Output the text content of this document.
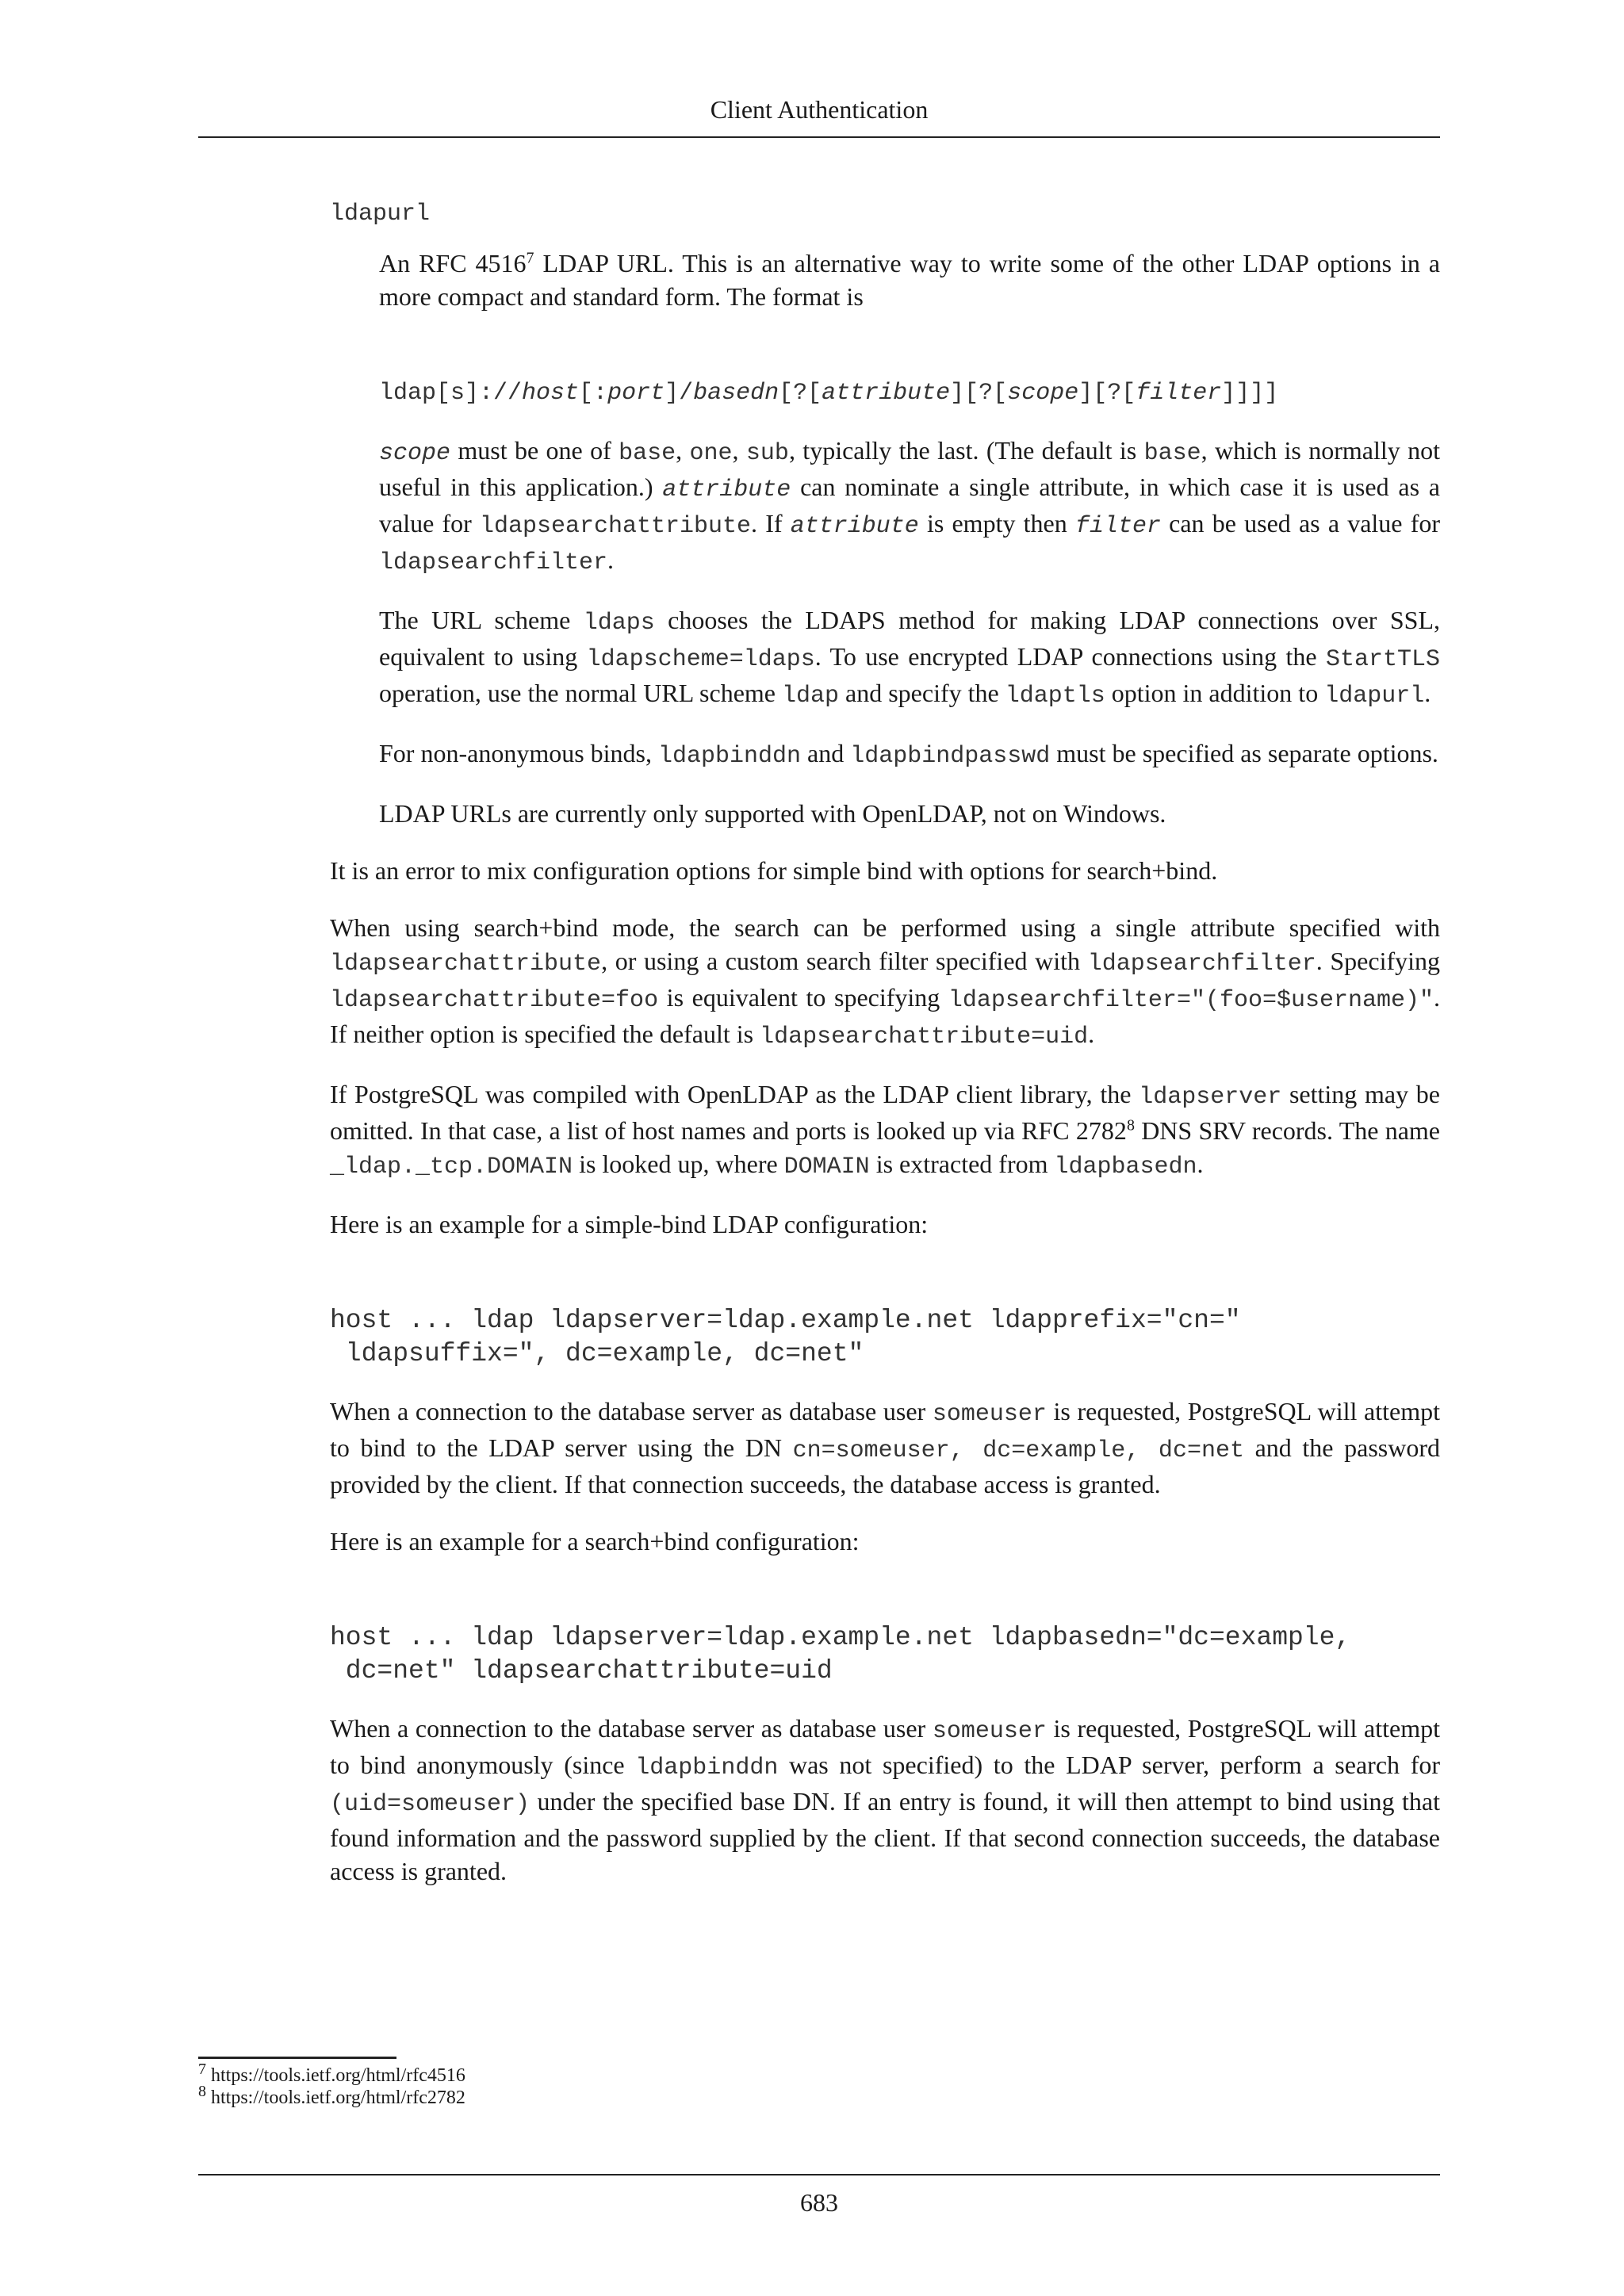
Client Authentication
ldapurl

An RFC 4516$^7$ LDAP URL. This is an alternative way to write some of the other LDAP options in a more compact and standard form. The format is

ldap[s]://host[:port]/basedn[?[attribute][?[scope][?[filter]]]]

scope must be one of base, one, sub, typically the last. (The default is base, which is normally not useful in this application.) attribute can nominate a single attribute, in which case it is used as a value for ldapsearchattribute. If attribute is empty then filter can be used as a value for ldapsearchfilter.

The URL scheme ldaps chooses the LDAPS method for making LDAP connections over SSL, equivalent to using ldapscheme=ldaps. To use encrypted LDAP connections using the StartTLS operation, use the normal URL scheme ldap and specify the ldaptls option in addition to ldapurl.

For non-anonymous binds, ldapbinddn and ldapbindpasswd must be specified as separate options.

LDAP URLs are currently only supported with OpenLDAP, not on Windows.

It is an error to mix configuration options for simple bind with options for search+bind.

When using search+bind mode, the search can be performed using a single attribute specified with ldapsearchattribute, or using a custom search filter specified with ldapsearchfilter. Specifying ldapsearchattribute=foo is equivalent to specifying ldapsearchfilter="(foo=$username)". If neither option is specified the default is ldapsearchattribute=uid.

If PostgreSQL was compiled with OpenLDAP as the LDAP client library, the ldapserver setting may be omitted. In that case, a list of host names and ports is looked up via RFC 2782$^8$ DNS SRV records. The name _ldap._tcp.DOMAIN is looked up, where DOMAIN is extracted from ldapbasedn.

Here is an example for a simple-bind LDAP configuration:

host ... ldap ldapserver=ldap.example.net ldapprefix="cn="
ldapsuffix=", dc=example, dc=net"

When a connection to the database server as database user someuser is requested, PostgreSQL will attempt to bind to the LDAP server using the DN cn=someuser, dc=example, dc=net and the password provided by the client. If that connection succeeds, the database access is granted.

Here is an example for a search+bind configuration:

host ... ldap ldapserver=ldap.example.net ldapbasedn="dc=example,
dc=net" ldapsearchattribute=uid

When a connection to the database server as database user someuser is requested, PostgreSQL will attempt to bind anonymously (since ldapbinddn was not specified) to the LDAP server, perform a search for (uid=someuser) under the specified base DN. If an entry is found, it will then attempt to bind using that found information and the password supplied by the client. If that second connection succeeds, the database access is granted.

$^7$ https://tools.ietf.org/html/rfc4516
$^8$ https://tools.ietf.org/html/rfc2782
683
